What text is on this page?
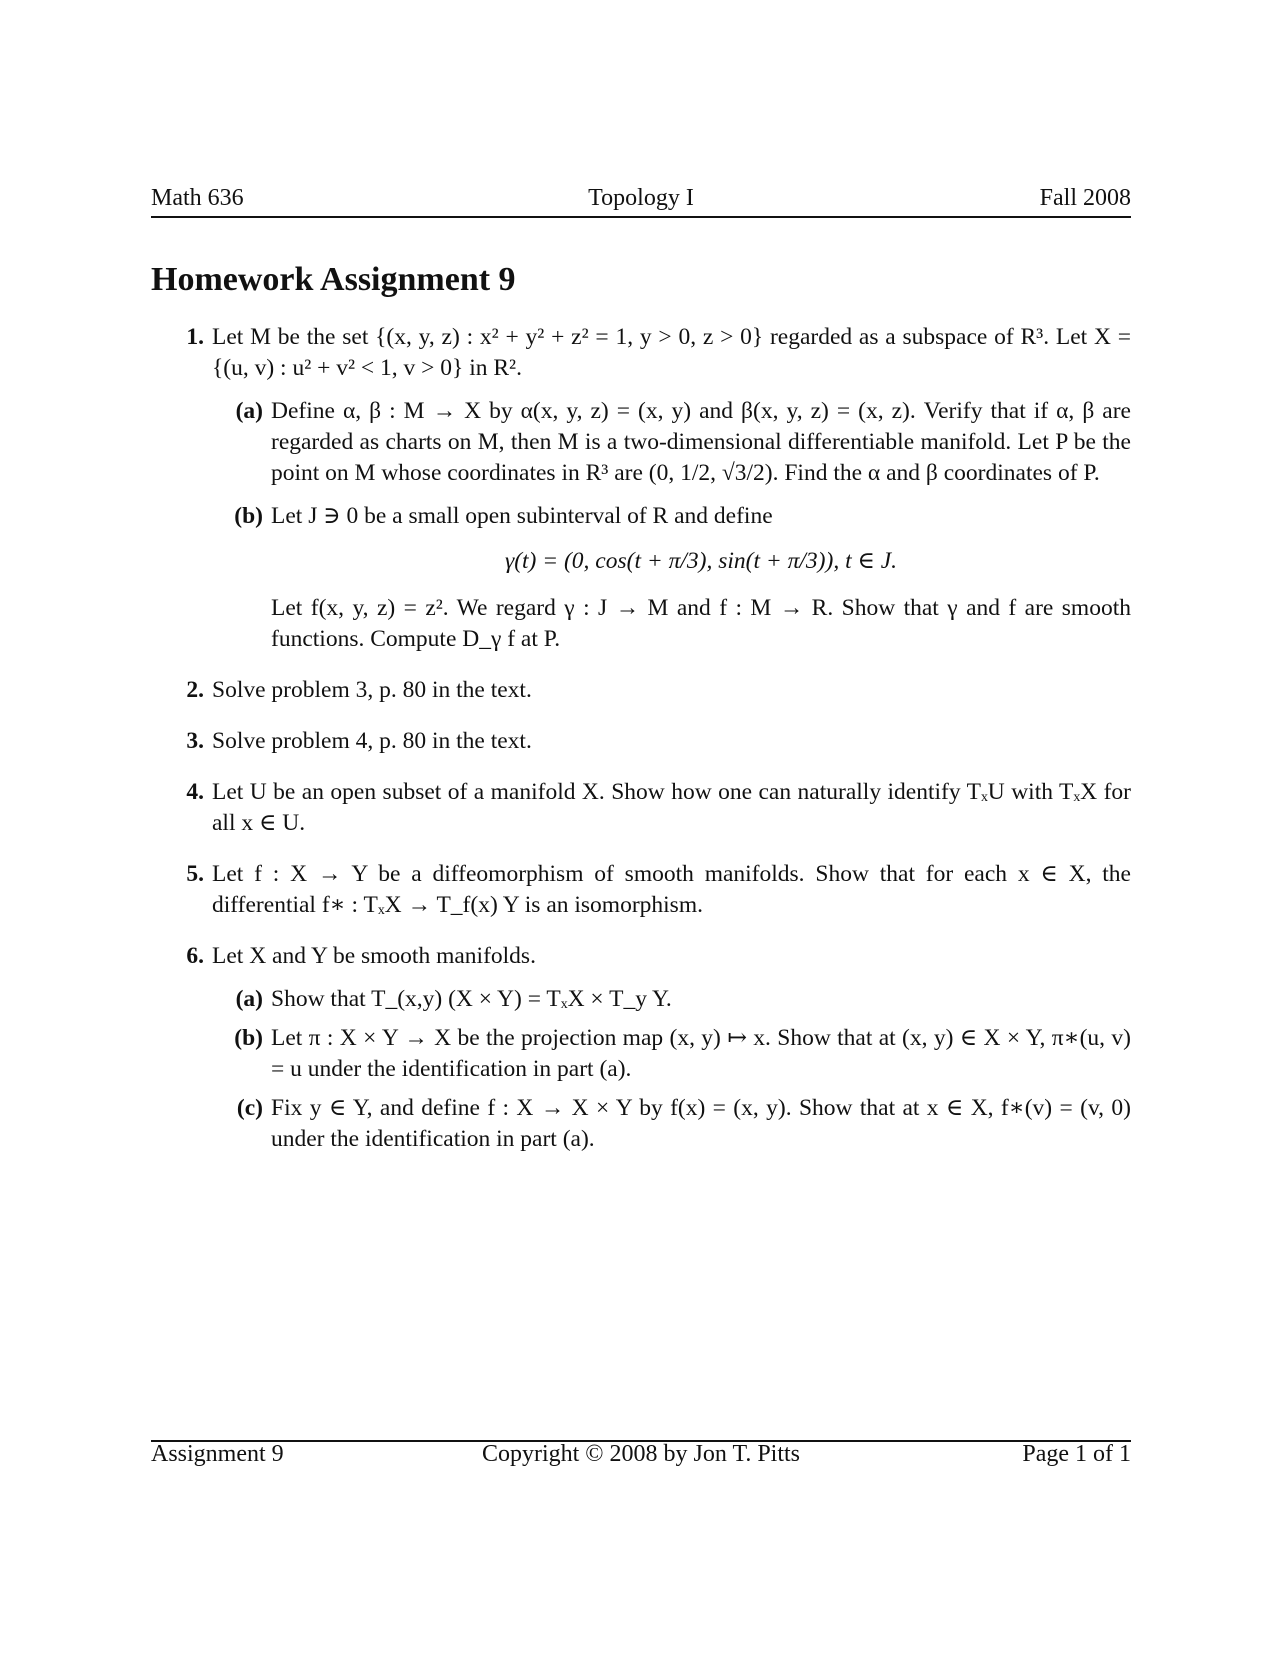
Math 636	Topology I	Fall 2008
Homework Assignment 9
1. Let M be the set {(x, y, z) : x² + y² + z² = 1, y > 0, z > 0} regarded as a subspace of R³. Let X = {(u, v) : u² + v² < 1, v > 0} in R².
(a) Define α, β : M → X by α(x, y, z) = (x, y) and β(x, y, z) = (x, z). Verify that if α, β are regarded as charts on M, then M is a two-dimensional differentiable manifold. Let P be the point on M whose coordinates in R³ are (0, 1/2, √3/2). Find the α and β coordinates of P.
(b) Let J ∋ 0 be a small open subinterval of R and define
γ(t) = (0, cos(t + π/3), sin(t + π/3)), t ∈ J.
Let f(x, y, z) = z². We regard γ : J → M and f : M → R. Show that γ and f are smooth functions. Compute D_γ f at P.
2. Solve problem 3, p. 80 in the text.
3. Solve problem 4, p. 80 in the text.
4. Let U be an open subset of a manifold X. Show how one can naturally identify TₓU with TₓX for all x ∈ U.
5. Let f : X → Y be a diffeomorphism of smooth manifolds. Show that for each x ∈ X, the differential f∗ : TₓX → T_f(x) Y is an isomorphism.
6. Let X and Y be smooth manifolds.
(a) Show that T_(x,y) (X × Y) = TₓX × T_y Y.
(b) Let π : X × Y → X be the projection map (x, y) ↦ x. Show that at (x, y) ∈ X × Y, π∗(u, v) = u under the identification in part (a).
(c) Fix y ∈ Y, and define f : X → X × Y by f(x) = (x, y). Show that at x ∈ X, f∗(v) = (v, 0) under the identification in part (a).
Assignment 9	Copyright © 2008 by Jon T. Pitts	Page 1 of 1
